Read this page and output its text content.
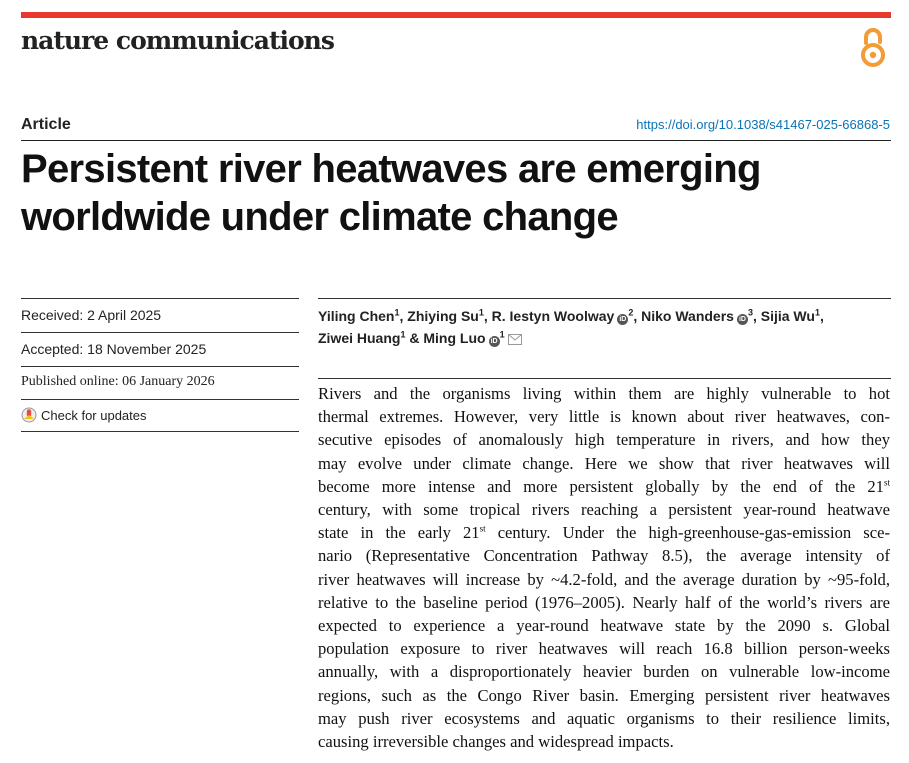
nature communications
Article	https://doi.org/10.1038/s41467-025-66868-5
Persistent river heatwaves are emerging
worldwide under climate change
Received: 2 April 2025
Accepted: 18 November 2025
Published online: 06 January 2026
Check for updates
Yiling Chen$^1$, Zhiying Su$^1$, R. Iestyn Woolway $iD^2$, Niko Wanders $iD^3$, Sijia Wu$^1$, Ziwei Huang$^1$ & Ming Luo $iD^1$
Rivers and the organisms living within them are highly vulnerable to hot
thermal extremes. However, very little is known about river heatwaves, con-
secutive episodes of anomalously high temperature in rivers, and how they
may evolve under climate change. Here we show that river heatwaves will
become more intense and more persistent globally by the end of the 21st
century, with some tropical rivers reaching a persistent year-round heatwave
state in the early 21st century. Under the high-greenhouse-gas-emission sce-
nario (Representative Concentration Pathway 8.5), the average intensity of
river heatwaves will increase by ~4.2-fold, and the average duration by ~95-fold,
relative to the baseline period (1976–2005). Nearly half of the world’s rivers are
expected to experience a year-round heatwave state by the 2090 s. Global
population exposure to river heatwaves will reach 16.8 billion person-weeks
annually, with a disproportionately heavier burden on vulnerable low-income
regions, such as the Congo River basin. Emerging persistent river heatwaves
may push river ecosystems and aquatic organisms to their resilience limits,
causing irreversible changes and widespread impacts.
